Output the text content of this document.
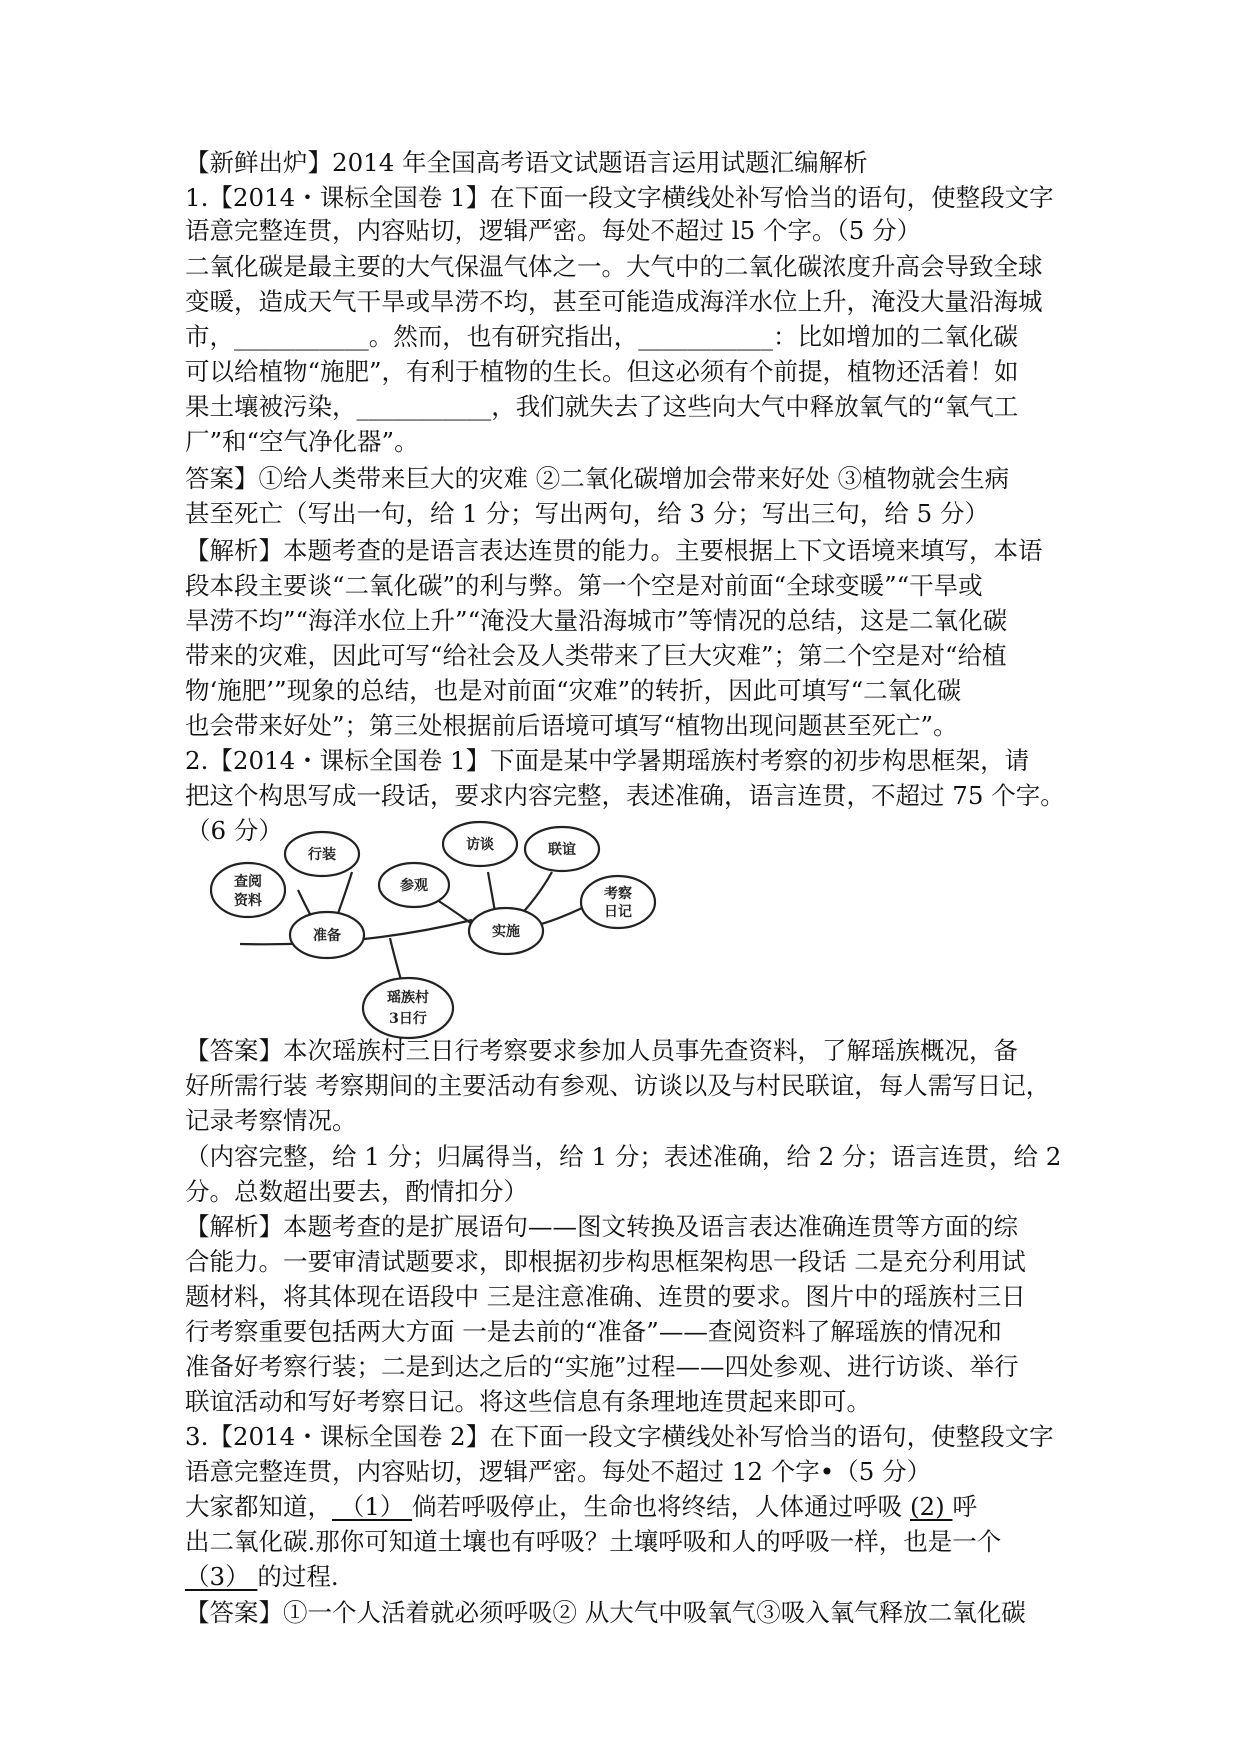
【新鲜出炉】2014 年全国高考语文试题语言运用试题汇编解析
1.【2014・课标全国卷 1】在下面一段文字横线处补写恰当的语句，使整段文字
语意完整连贯，内容贴切，逻辑严密。每处不超过 l5 个字。（5 分）
二氧化碳是最主要的大气保温气体之一。大气中的二氧化碳浓度升高会导致全球
变暖，造成天气干旱或旱涝不均，甚至可能造成海洋水位上升，淹没大量沿海城
市，___________。然而，也有研究指出，___________：比如增加的二氧化碳
可以给植物“施肥”，有利于植物的生长。但这必须有个前提，植物还活着！如
果土壤被污染，___________，我们就失去了这些向大气中释放氧气的“氧气工
厂”和“空气净化器”。
答案】①给人类带来巨大的灾难 ②二氧化碳增加会带来好处 ③植物就会生病
甚至死亡（写出一句，给 1 分；写出两句，给 3 分；写出三句，给 5 分）
【解析】本题考查的是语言表达连贯的能力。主要根据上下文语境来填写，本语
段本段主要谈“二氧化碳”的利与弊。第一个空是对前面“全球变暖”“干旱或
旱涝不均”“海洋水位上升”“淹没大量沿海城市”等情况的总结，这是二氧化碳
带来的灾难，因此可写“给社会及人类带来了巨大灾难”；第二个空是对“给植
物‘施肥’”现象的总结，也是对前面“灾难”的转折，因此可填写“二氧化碳
也会带来好处”；第三处根据前后语境可填写“植物出现问题甚至死亡”。
2.【2014・课标全国卷 1】下面是某中学暑期瑶族村考察的初步构思框架，请
把这个构思写成一段话，要求内容完整，表述准确，语言连贯，不超过 75 个字。
（6 分）
瑶族村
3日行
准备	实施
查阅
资料
行装
参观
访谈	联谊
考察
日记
【答案】本次瑶族村三日行考察要求参加人员事先查资料，了解瑶族概况，备
好所需行装 考察期间的主要活动有参观、访谈以及与村民联谊，每人需写日记，
记录考察情况。
（内容完整，给 1 分；归属得当，给 1 分；表述准确，给 2 分；语言连贯，给 2
分。总数超出要去，酌情扣分）
【解析】本题考查的是扩展语句——图文转换及语言表达准确连贯等方面的综
合能力。一要审清试题要求，即根据初步构思框架构思一段话 二是充分利用试
题材料，将其体现在语段中 三是注意准确、连贯的要求。图片中的瑶族村三日
行考察重要包括两大方面 一是去前的“准备”——查阅资料了解瑶族的情况和
准备好考察行装；二是到达之后的“实施”过程——四处参观、进行访谈、举行
联谊活动和写好考察日记。将这些信息有条理地连贯起来即可。
3.【2014・课标全国卷 2】在下面一段文字横线处补写恰当的语句，使整段文字
语意完整连贯，内容贴切，逻辑严密。每处不超过 12 个字•（5 分）
大家都知道， （1） 倘若呼吸停止，生命也将终结，人体通过呼吸 (2) 呼
出二氧化碳.那你可知道土壤也有呼吸？土壤呼吸和人的呼吸一样，也是一个
（3） 的过程.
【答案】①一个人活着就必须呼吸② 从大气中吸氧气③吸入氧气释放二氧化碳
